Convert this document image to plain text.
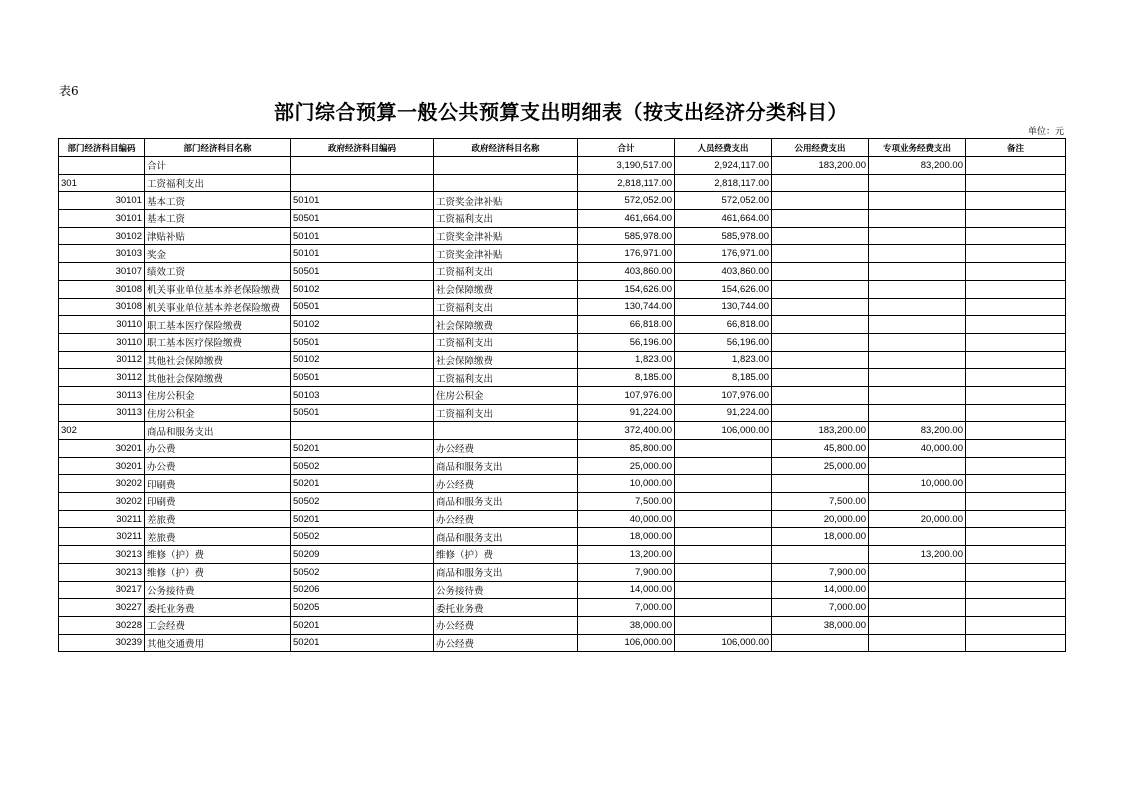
表6
部门综合预算一般公共预算支出明细表（按支出经济分类科目）
单位：元
部门经济科目编码	部门经济科目名称	政府经济科目编码	政府经济科目名称	合计	人员经费支出	公用经费支出	专项业务经费支出	备注
	合计			3,190,517.00	2,924,117.00	183,200.00	83,200.00	
301	工资福利支出			2,818,117.00	2,818,117.00			
30101	基本工资	50101	工资奖金津补贴	572,052.00	572,052.00			
30101	基本工资	50501	工资福利支出	461,664.00	461,664.00			
30102	津贴补贴	50101	工资奖金津补贴	585,978.00	585,978.00			
30103	奖金	50101	工资奖金津补贴	176,971.00	176,971.00			
30107	绩效工资	50501	工资福利支出	403,860.00	403,860.00			
30108	机关事业单位基本养老保险缴费	50102	社会保障缴费	154,626.00	154,626.00			
30108	机关事业单位基本养老保险缴费	50501	工资福利支出	130,744.00	130,744.00			
30110	职工基本医疗保险缴费	50102	社会保障缴费	66,818.00	66,818.00			
30110	职工基本医疗保险缴费	50501	工资福利支出	56,196.00	56,196.00			
30112	其他社会保障缴费	50102	社会保障缴费	1,823.00	1,823.00			
30112	其他社会保障缴费	50501	工资福利支出	8,185.00	8,185.00			
30113	住房公积金	50103	住房公积金	107,976.00	107,976.00			
30113	住房公积金	50501	工资福利支出	91,224.00	91,224.00			
302	商品和服务支出			372,400.00	106,000.00	183,200.00	83,200.00	
30201	办公费	50201	办公经费	85,800.00		45,800.00	40,000.00	
30201	办公费	50502	商品和服务支出	25,000.00		25,000.00		
30202	印刷费	50201	办公经费	10,000.00			10,000.00	
30202	印刷费	50502	商品和服务支出	7,500.00		7,500.00		
30211	差旅费	50201	办公经费	40,000.00		20,000.00	20,000.00	
30211	差旅费	50502	商品和服务支出	18,000.00		18,000.00		
30213	维修（护）费	50209	维修（护）费	13,200.00			13,200.00	
30213	维修（护）费	50502	商品和服务支出	7,900.00		7,900.00		
30217	公务接待费	50206	公务接待费	14,000.00		14,000.00		
30227	委托业务费	50205	委托业务费	7,000.00		7,000.00		
30228	工会经费	50201	办公经费	38,000.00		38,000.00		
30239	其他交通费用	50201	办公经费	106,000.00	106,000.00			
